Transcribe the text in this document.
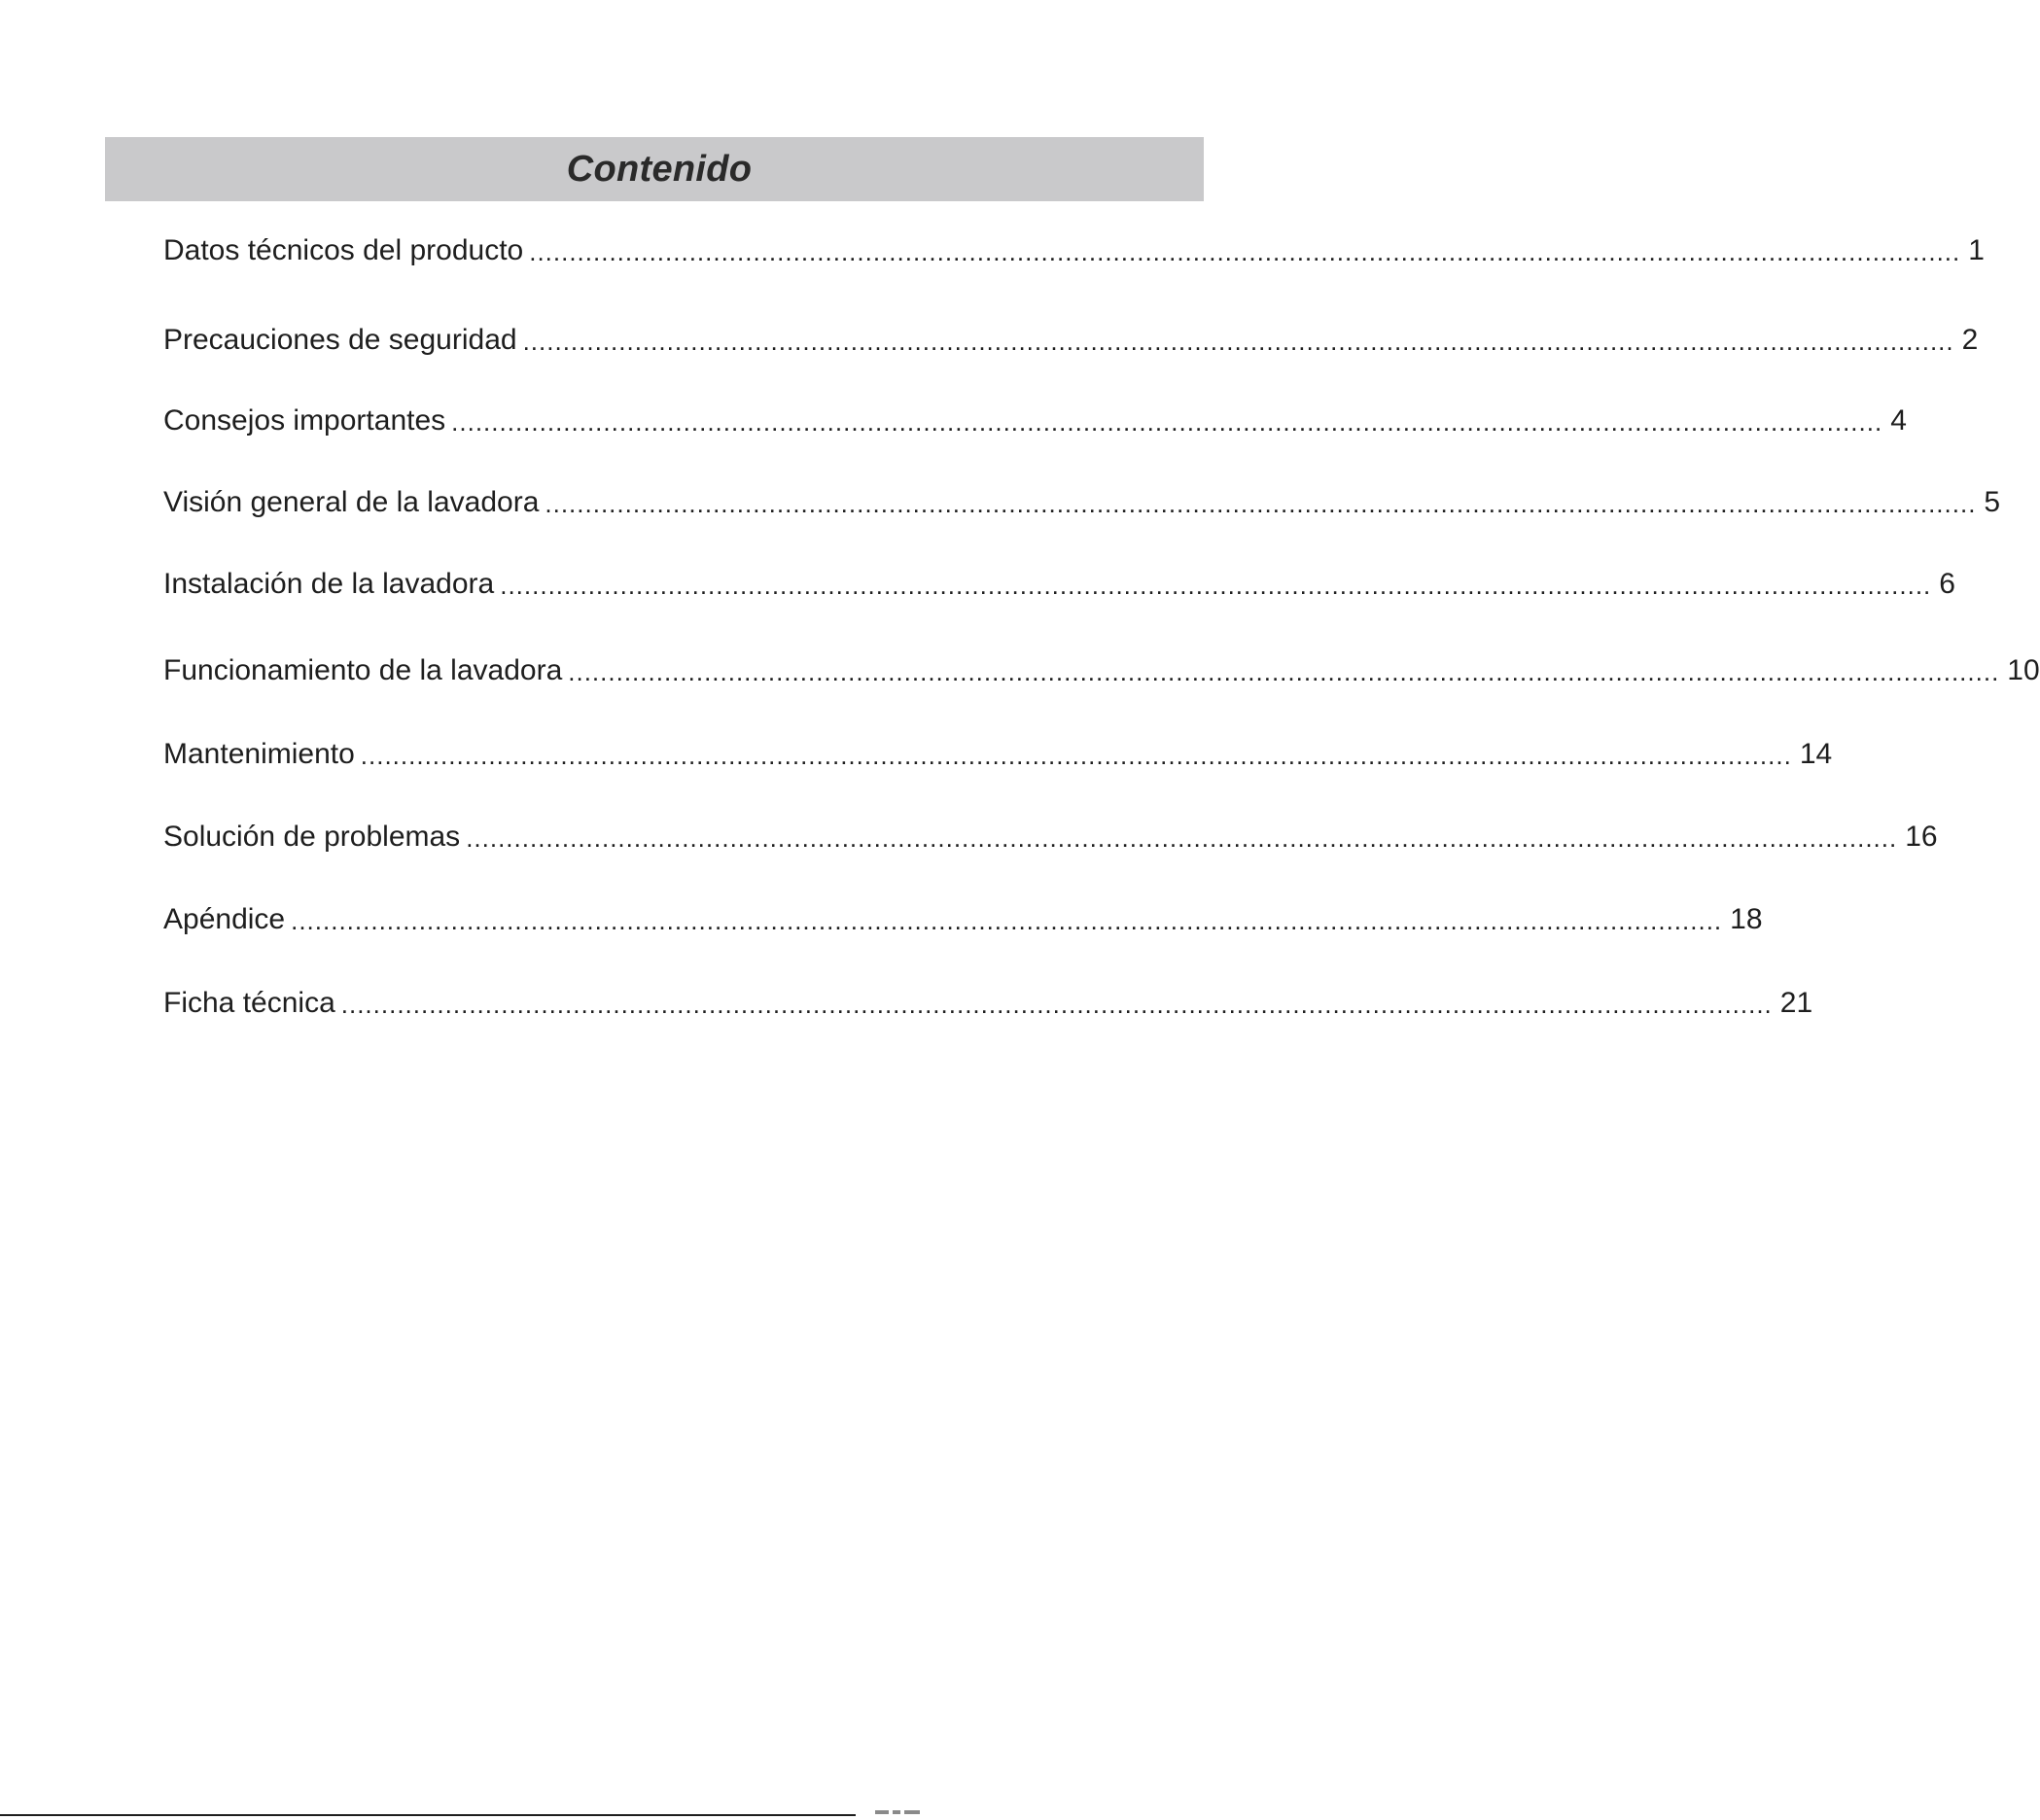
Contenido
Datos técnicos del producto ................................................................................................................................................................................... 1
Precauciones de seguridad ................................................................................................................................................................................... 2
Consejos importantes ................................................................................................................................................................................... 4
Visión general de la lavadora ................................................................................................................................................................................... 5
Instalación de la lavadora ................................................................................................................................................................................... 6
Funcionamiento de la lavadora ................................................................................................................................................................................... 10
Mantenimiento ................................................................................................................................................................................... 14
Solución de problemas ................................................................................................................................................................................... 16
Apéndice ................................................................................................................................................................................... 18
Ficha técnica ................................................................................................................................................................................... 21
